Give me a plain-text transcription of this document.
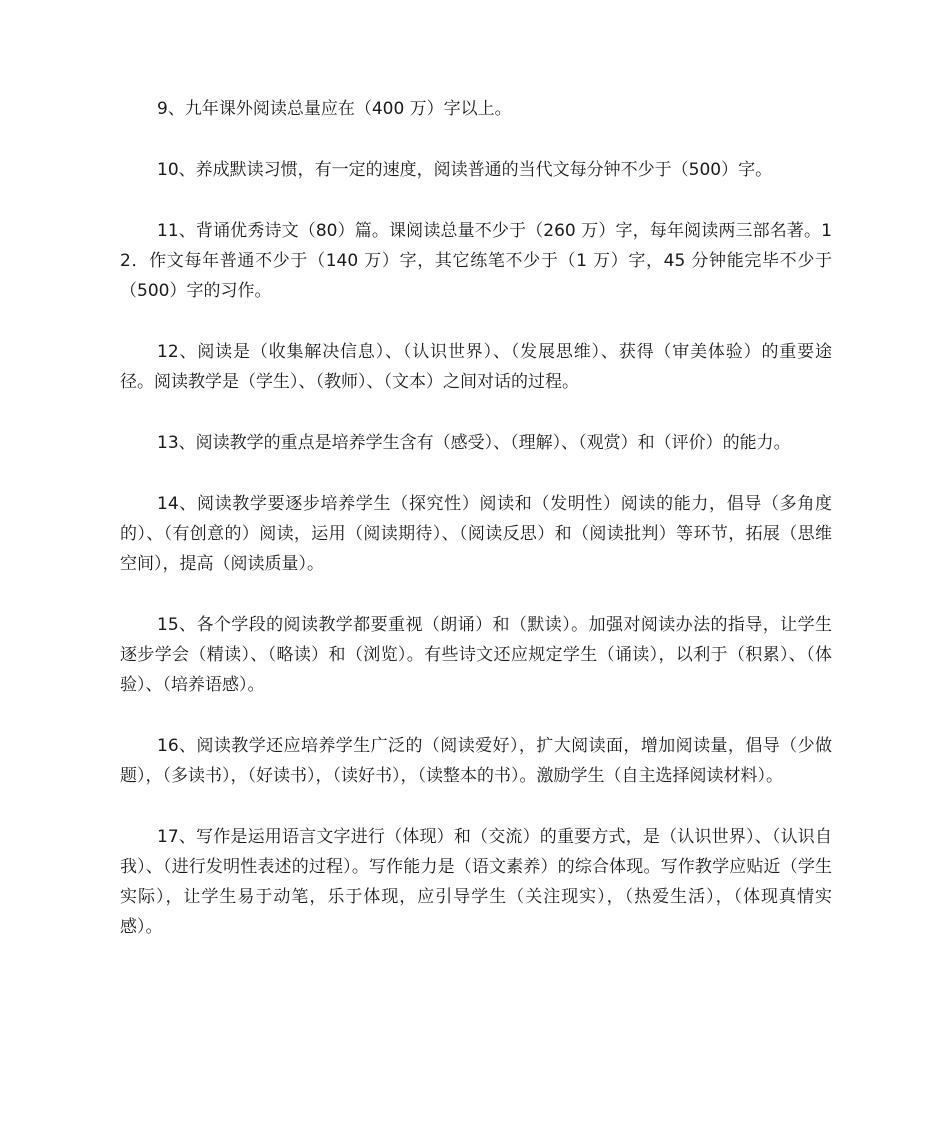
9、九年课外阅读总量应在（400 万）字以上。

10、养成默读习惯，有一定的速度，阅读普通的当代文每分钟不少于（500）字。

11、背诵优秀诗文（80）篇。课阅读总量不少于（260 万）字，每年阅读两三部名著。12．作文每年普通不少于（140 万）字，其它练笔不少于（1 万）字，45 分钟能完毕不少于（500）字的习作。

12、阅读是（收集解决信息）、（认识世界）、（发展思维）、获得（审美体验）的重要途径。阅读教学是（学生）、（教师）、（文本）之间对话的过程。

13、阅读教学的重点是培养学生含有（感受）、（理解）、（观赏）和（评价）的能力。

14、阅读教学要逐步培养学生（探究性）阅读和（发明性）阅读的能力，倡导（多角度的）、（有创意的）阅读，运用（阅读期待）、（阅读反思）和（阅读批判）等环节，拓展（思维空间），提高（阅读质量）。

15、各个学段的阅读教学都要重视（朗诵）和（默读）。加强对阅读办法的指导，让学生逐步学会（精读）、（略读）和（浏览）。有些诗文还应规定学生（诵读），以利于（积累）、（体验）、（培养语感）。

16、阅读教学还应培养学生广泛的（阅读爱好），扩大阅读面，增加阅读量，倡导（少做题），（多读书），（好读书），（读好书），（读整本的书）。激励学生（自主选择阅读材料）。

17、写作是运用语言文字进行（体现）和（交流）的重要方式，是（认识世界）、（认识自我）、（进行发明性表述的过程）。写作能力是（语文素养）的综合体现。写作教学应贴近（学生实际），让学生易于动笔，乐于体现，应引导学生（关注现实），（热爱生活），（体现真情实感）。
